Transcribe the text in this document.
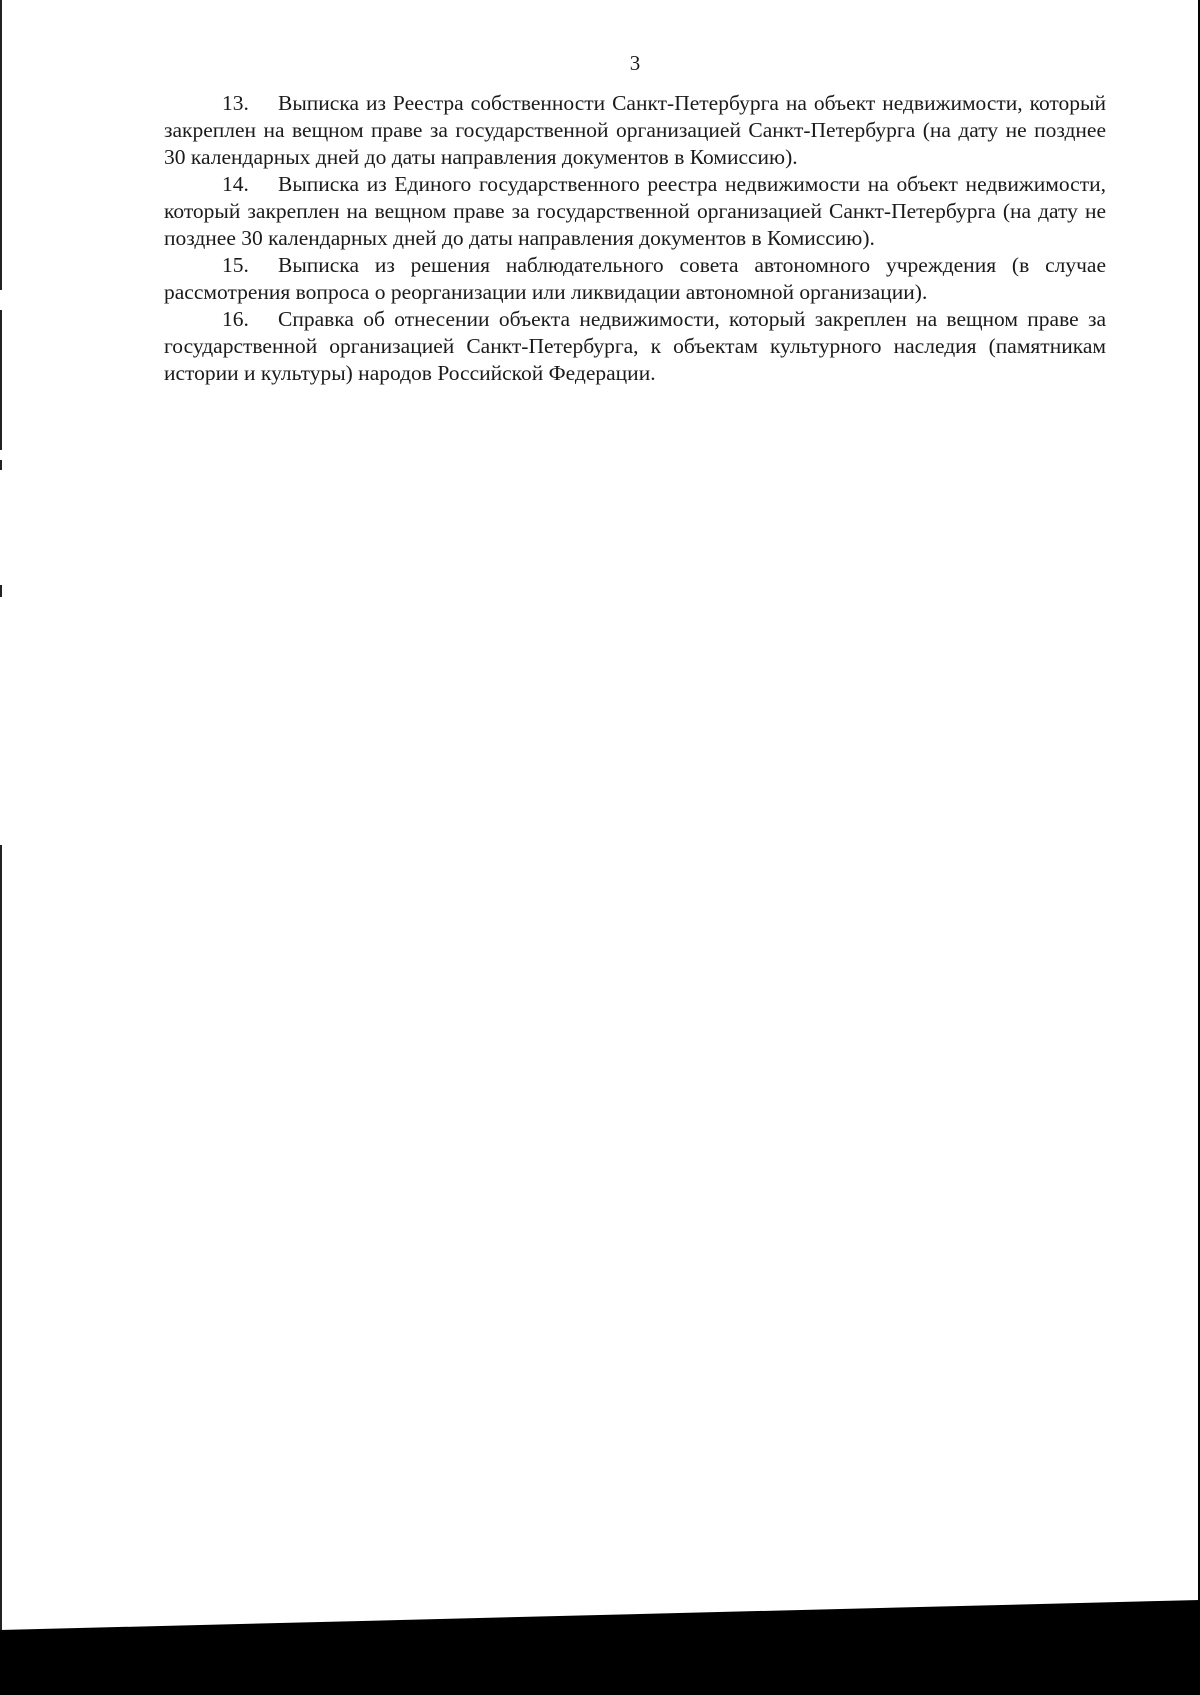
3

13. Выписка из Реестра собственности Санкт-Петербурга на объект недвижимости, который закреплен на вещном праве за государственной организацией Санкт-Петербурга (на дату не позднее 30 календарных дней до даты направления документов в Комиссию).

14. Выписка из Единого государственного реестра недвижимости на объект недвижимости, который закреплен на вещном праве за государственной организацией Санкт-Петербурга (на дату не позднее 30 календарных дней до даты направления документов в Комиссию).

15. Выписка из решения наблюдательного совета автономного учреждения (в случае рассмотрения вопроса о реорганизации или ликвидации автономной организации).

16. Справка об отнесении объекта недвижимости, который закреплен на вещном праве за государственной организацией Санкт-Петербурга, к объектам культурного наследия (памятникам истории и культуры) народов Российской Федерации.
